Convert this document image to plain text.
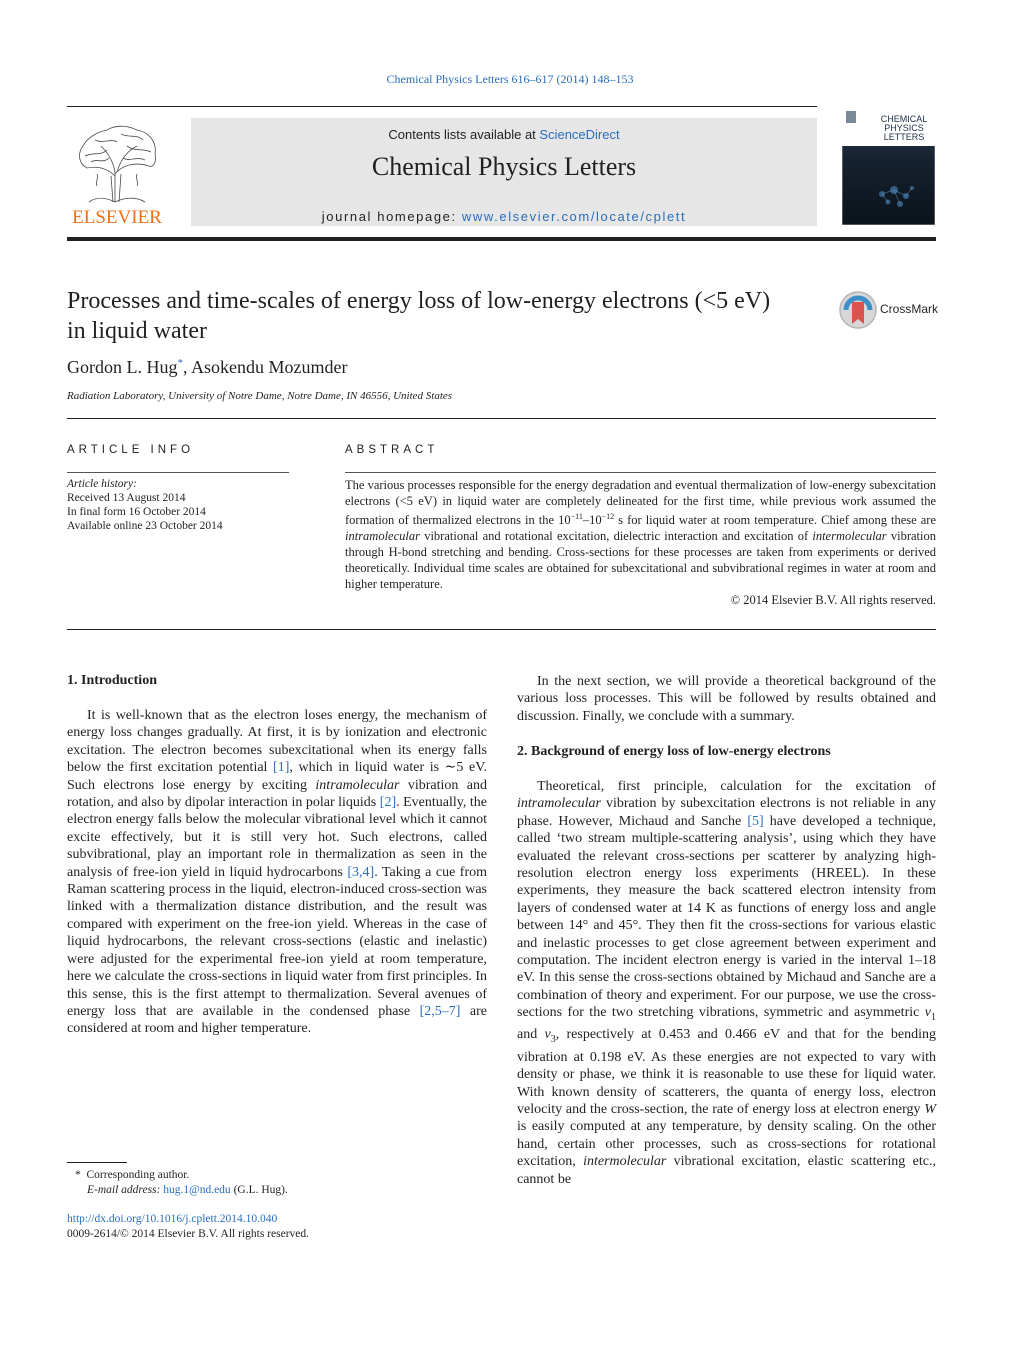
Chemical Physics Letters 616–617 (2014) 148–153
ELSEVIER
Contents lists available at ScienceDirect
Chemical Physics Letters
journal homepage: www.elsevier.com/locate/cplett
CHEMICAL
PHYSICS
LETTERS
Processes and time-scales of energy loss of low-energy electrons (<5 eV) in liquid water
CrossMark
Gordon L. Hug*, Asokendu Mozumder
Radiation Laboratory, University of Notre Dame, Notre Dame, IN 46556, United States
ARTICLE INFO
Article history:
Received 13 August 2014
In final form 16 October 2014
Available online 23 October 2014
ABSTRACT
The various processes responsible for the energy degradation and eventual thermalization of low-energy subexcitation electrons (<5 eV) in liquid water are completely delineated for the first time, while previous work assumed the formation of thermalized electrons in the $10^{-11}-10^{-12}$ s for liquid water at room temperature. Chief among these are intramolecular vibrational and rotational excitation, dielectric interaction and excitation of intermolecular vibration through H-bond stretching and bending. Cross-sections for these processes are taken from experiments or derived theoretically. Individual time scales are obtained for subexcitational and subvibrational regimes in water at room and higher temperature.
© 2014 Elsevier B.V. All rights reserved.
1. Introduction

It is well-known that as the electron loses energy, the mechanism of energy loss changes gradually. At first, it is by ionization and electronic excitation. The electron becomes subexcitational when its energy falls below the first excitation potential [1], which in liquid water is ∼5 eV. Such electrons lose energy by exciting intramolecular vibration and rotation, and also by dipolar interaction in polar liquids [2]. Eventually, the electron energy falls below the molecular vibrational level which it cannot excite effectively, but it is still very hot. Such electrons, called subvibrational, play an important role in thermalization as seen in the analysis of free-ion yield in liquid hydrocarbons [3,4]. Taking a cue from Raman scattering process in the liquid, electron-induced cross-section was linked with a thermalization distance distribution, and the result was compared with experiment on the free-ion yield. Whereas in the case of liquid hydrocarbons, the relevant cross-sections (elastic and inelastic) were adjusted for the experimental free-ion yield at room temperature, here we calculate the cross-sections in liquid water from first principles. In this sense, this is the first attempt to thermalization. Several avenues of energy loss that are available in the condensed phase [2,5–7] are considered at room and higher temperature.

In the next section, we will provide a theoretical background of the various loss processes. This will be followed by results obtained and discussion. Finally, we conclude with a summary.

2. Background of energy loss of low-energy electrons

Theoretical, first principle, calculation for the excitation of intramolecular vibration by subexcitation electrons is not reliable in any phase. However, Michaud and Sanche [5] have developed a technique, called ‘two stream multiple-scattering analysis’, using which they have evaluated the relevant cross-sections per scatterer by analyzing high-resolution electron energy loss experiments (HREEL). In these experiments, they measure the back scattered electron intensity from layers of condensed water at 14 K as functions of energy loss and angle between 14° and 45°. They then fit the cross-sections for various elastic and inelastic processes to get close agreement between experiment and computation. The incident electron energy is varied in the interval 1–18 eV. In this sense the cross-sections obtained by Michaud and Sanche are a combination of theory and experiment. For our purpose, we use the cross-sections for the two stretching vibrations, symmetric and asymmetric $\nu_1$ and $\nu_3$, respectively at 0.453 and 0.466 eV and that for the bending vibration at 0.198 eV. As these energies are not expected to vary with density or phase, we think it is reasonable to use these for liquid water. With known density of scatterers, the quanta of energy loss, electron velocity and the cross-section, the rate of energy loss at electron energy W is easily computed at any temperature, by density scaling. On the other hand, certain other processes, such as cross-sections for rotational excitation, intermolecular vibrational excitation, elastic scattering etc., cannot be

* Corresponding author.
E-mail address: hug.1@nd.edu (G.L. Hug).
http://dx.doi.org/10.1016/j.cplett.2014.10.040
0009-2614/© 2014 Elsevier B.V. All rights reserved.
